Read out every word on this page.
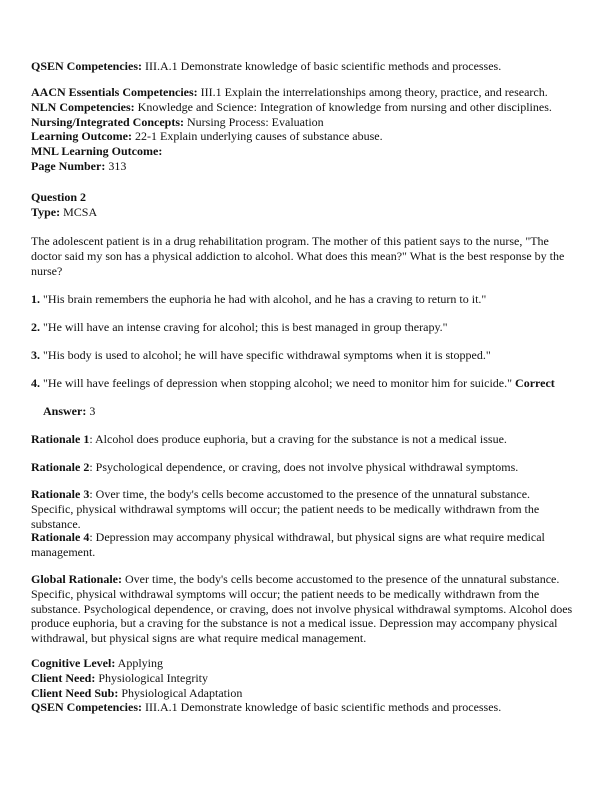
QSEN Competencies: III.A.1 Demonstrate knowledge of basic scientific methods and processes.

AACN Essentials Competencies: III.1 Explain the interrelationships among theory, practice, and research.

NLN Competencies: Knowledge and Science: Integration of knowledge from nursing and other disciplines.

Nursing/Integrated Concepts: Nursing Process: Evaluation

Learning Outcome: 22-1 Explain underlying causes of substance abuse.

MNL Learning Outcome:

Page Number: 313

Question 2

Type: MCSA

The adolescent patient is in a drug rehabilitation program. The mother of this patient says to the nurse, "The doctor said my son has a physical addiction to alcohol. What does this mean?" What is the best response by the nurse?
1. "His brain remembers the euphoria he had with alcohol, and he has a craving to return to it."
2. "He will have an intense craving for alcohol; this is best managed in group therapy."
3. "His body is used to alcohol; he will have specific withdrawal symptoms when it is stopped."
4. "He will have feelings of depression when stopping alcohol; we need to monitor him for suicide." Correct
Answer: 3
Rationale 1: Alcohol does produce euphoria, but a craving for the substance is not a medical issue.
Rationale 2: Psychological dependence, or craving, does not involve physical withdrawal symptoms.
Rationale 3: Over time, the body's cells become accustomed to the presence of the unnatural substance. Specific, physical withdrawal symptoms will occur; the patient needs to be medically withdrawn from the substance.
Rationale 4: Depression may accompany physical withdrawal, but physical signs are what require medical management.
Global Rationale: Over time, the body's cells become accustomed to the presence of the unnatural substance. Specific, physical withdrawal symptoms will occur; the patient needs to be medically withdrawn from the substance. Psychological dependence, or craving, does not involve physical withdrawal symptoms. Alcohol does produce euphoria, but a craving for the substance is not a medical issue. Depression may accompany physical withdrawal, but physical signs are what require medical management.

Cognitive Level: Applying

Client Need: Physiological Integrity

Client Need Sub: Physiological Adaptation

QSEN Competencies: III.A.1 Demonstrate knowledge of basic scientific methods and processes.
